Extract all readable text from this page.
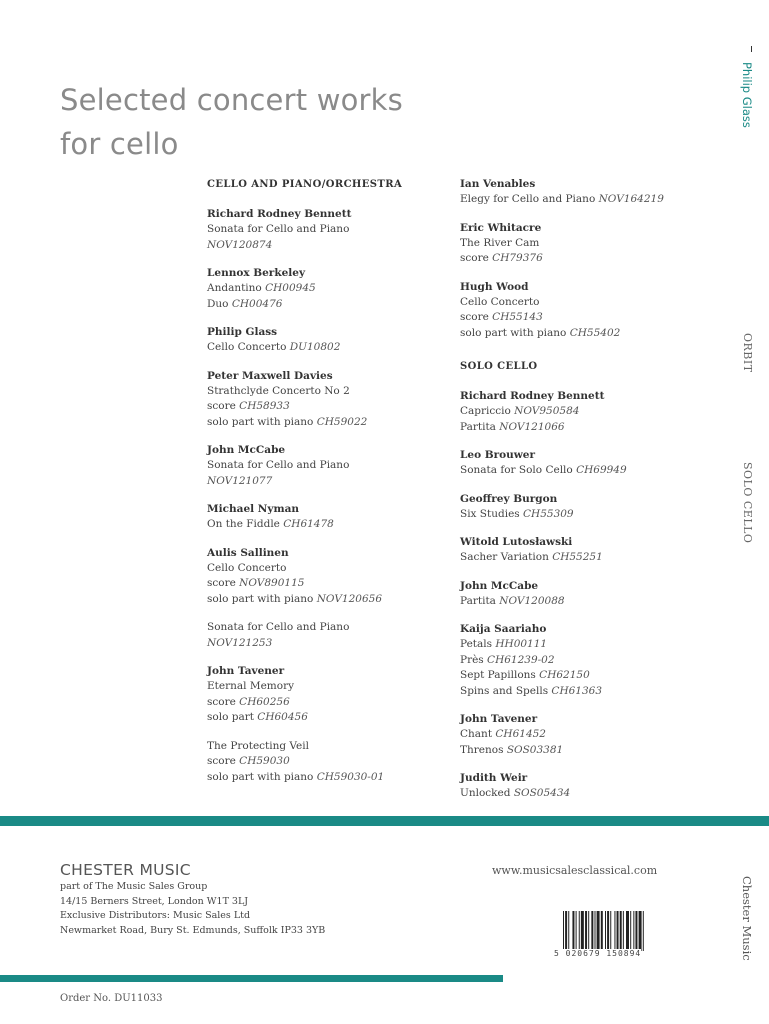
Selected concert works
for cello
CELLO AND PIANO/ORCHESTRA
Richard Rodney Bennett
Sonata for Cello and Piano
NOV120874
Lennox Berkeley
Andantino CH00945
Duo CH00476
Philip Glass
Cello Concerto DU10802
Peter Maxwell Davies
Strathclyde Concerto No 2
score CH58933
solo part with piano CH59022
John McCabe
Sonata for Cello and Piano
NOV121077
Michael Nyman
On the Fiddle CH61478
Aulis Sallinen
Cello Concerto
score NOV890115
solo part with piano NOV120656
Sonata for Cello and Piano
NOV121253
John Tavener
Eternal Memory
score CH60256
solo part CH60456
The Protecting Veil
score CH59030
solo part with piano CH59030-01
Ian Venables
Elegy for Cello and Piano NOV164219
Eric Whitacre
The River Cam
score CH79376
Hugh Wood
Cello Concerto
score CH55143
solo part with piano CH55402
SOLO CELLO
Richard Rodney Bennett
Capriccio NOV950584
Partita NOV121066
Leo Brouwer
Sonata for Solo Cello CH69949
Geoffrey Burgon
Six Studies CH55309
Witold Lutosławski
Sacher Variation CH55251
John McCabe
Partita NOV120088
Kaija Saariaho
Petals HH00111
Près CH61239-02
Sept Papillons CH62150
Spins and Spells CH61363
John Tavener
Chant CH61452
Threnos SOS03381
Judith Weir
Unlocked SOS05434
Philip Glass
ORBIT
SOLO CELLO
Chester Music
CHESTER MUSIC
part of The Music Sales Group
14/15 Berners Street, London W1T 3LJ
Exclusive Distributors: Music Sales Ltd
Newmarket Road, Bury St. Edmunds, Suffolk IP33 3YB
www.musicsalesclassical.com
5 020679 150894
Order No. DU11033
